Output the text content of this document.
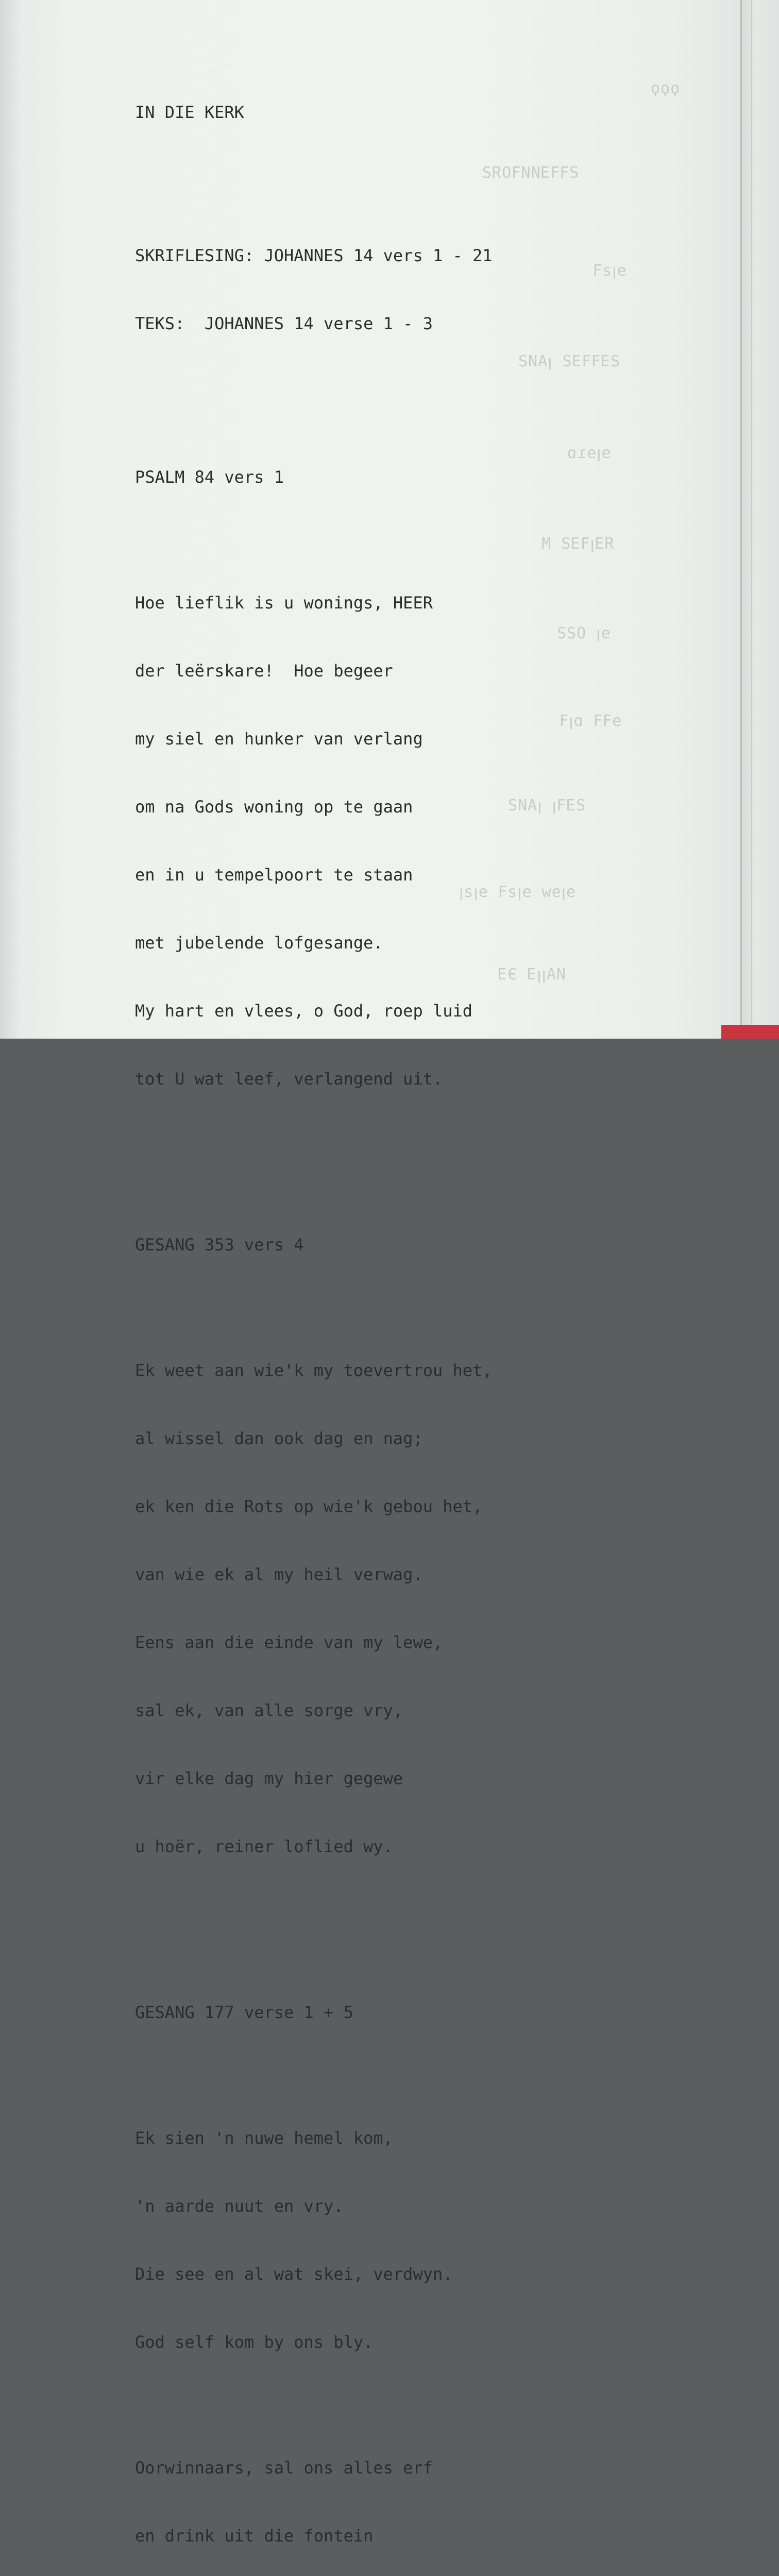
ϙϙϙ
ƧꟻꟻƎИИꟻOЯƧ
ɘꞁƨꟻ
ƧƎꟻꟻƎƧ ꞁAИƧ
ɘꞁɘɿɒ
ЯƎꞁꟻƎƧ M
ɘꞁ OƧƧ
ɘꟻꟻ ɒꞁꟻ
ƧƎꟻꞁ ꞁAИƧ
ɘꞁɘw ɘꞁƨꟻ ɘꞁƨꞁ
ИAꞁꞁƎ ЭƎ

IN DIE KERK

SKRIFLESING: JOHANNES 14 vers 1 - 21

TEKS:  JOHANNES 14 verse 1 - 3

PSALM 84 vers 1

Hoe lieflik is u wonings, HEER

der leërskare!  Hoe begeer

my siel en hunker van verlang

om na Gods woning op te gaan

en in u tempelpoort te staan

met jubelende lofgesange.

My hart en vlees, o God, roep luid

tot U wat leef, verlangend uit.

GESANG 353 vers 4

Ek weet aan wie'k my toevertrou het,

al wissel dan ook dag en nag;

ek ken die Rots op wie'k gebou het,

van wie ek al my heil verwag.

Eens aan die einde van my lewe,

sal ek, van alle sorge vry,

vir elke dag my hier gegewe

u hoër, reiner loflied wy.

GESANG 177 verse 1 + 5

Ek sien 'n nuwe hemel kom,

'n aarde nuut en vry.

Die see en al wat skei, verdwyn.

God self kom by ons bly.

Oorwinnaars, sal ons alles erf

en drink uit die fontein
